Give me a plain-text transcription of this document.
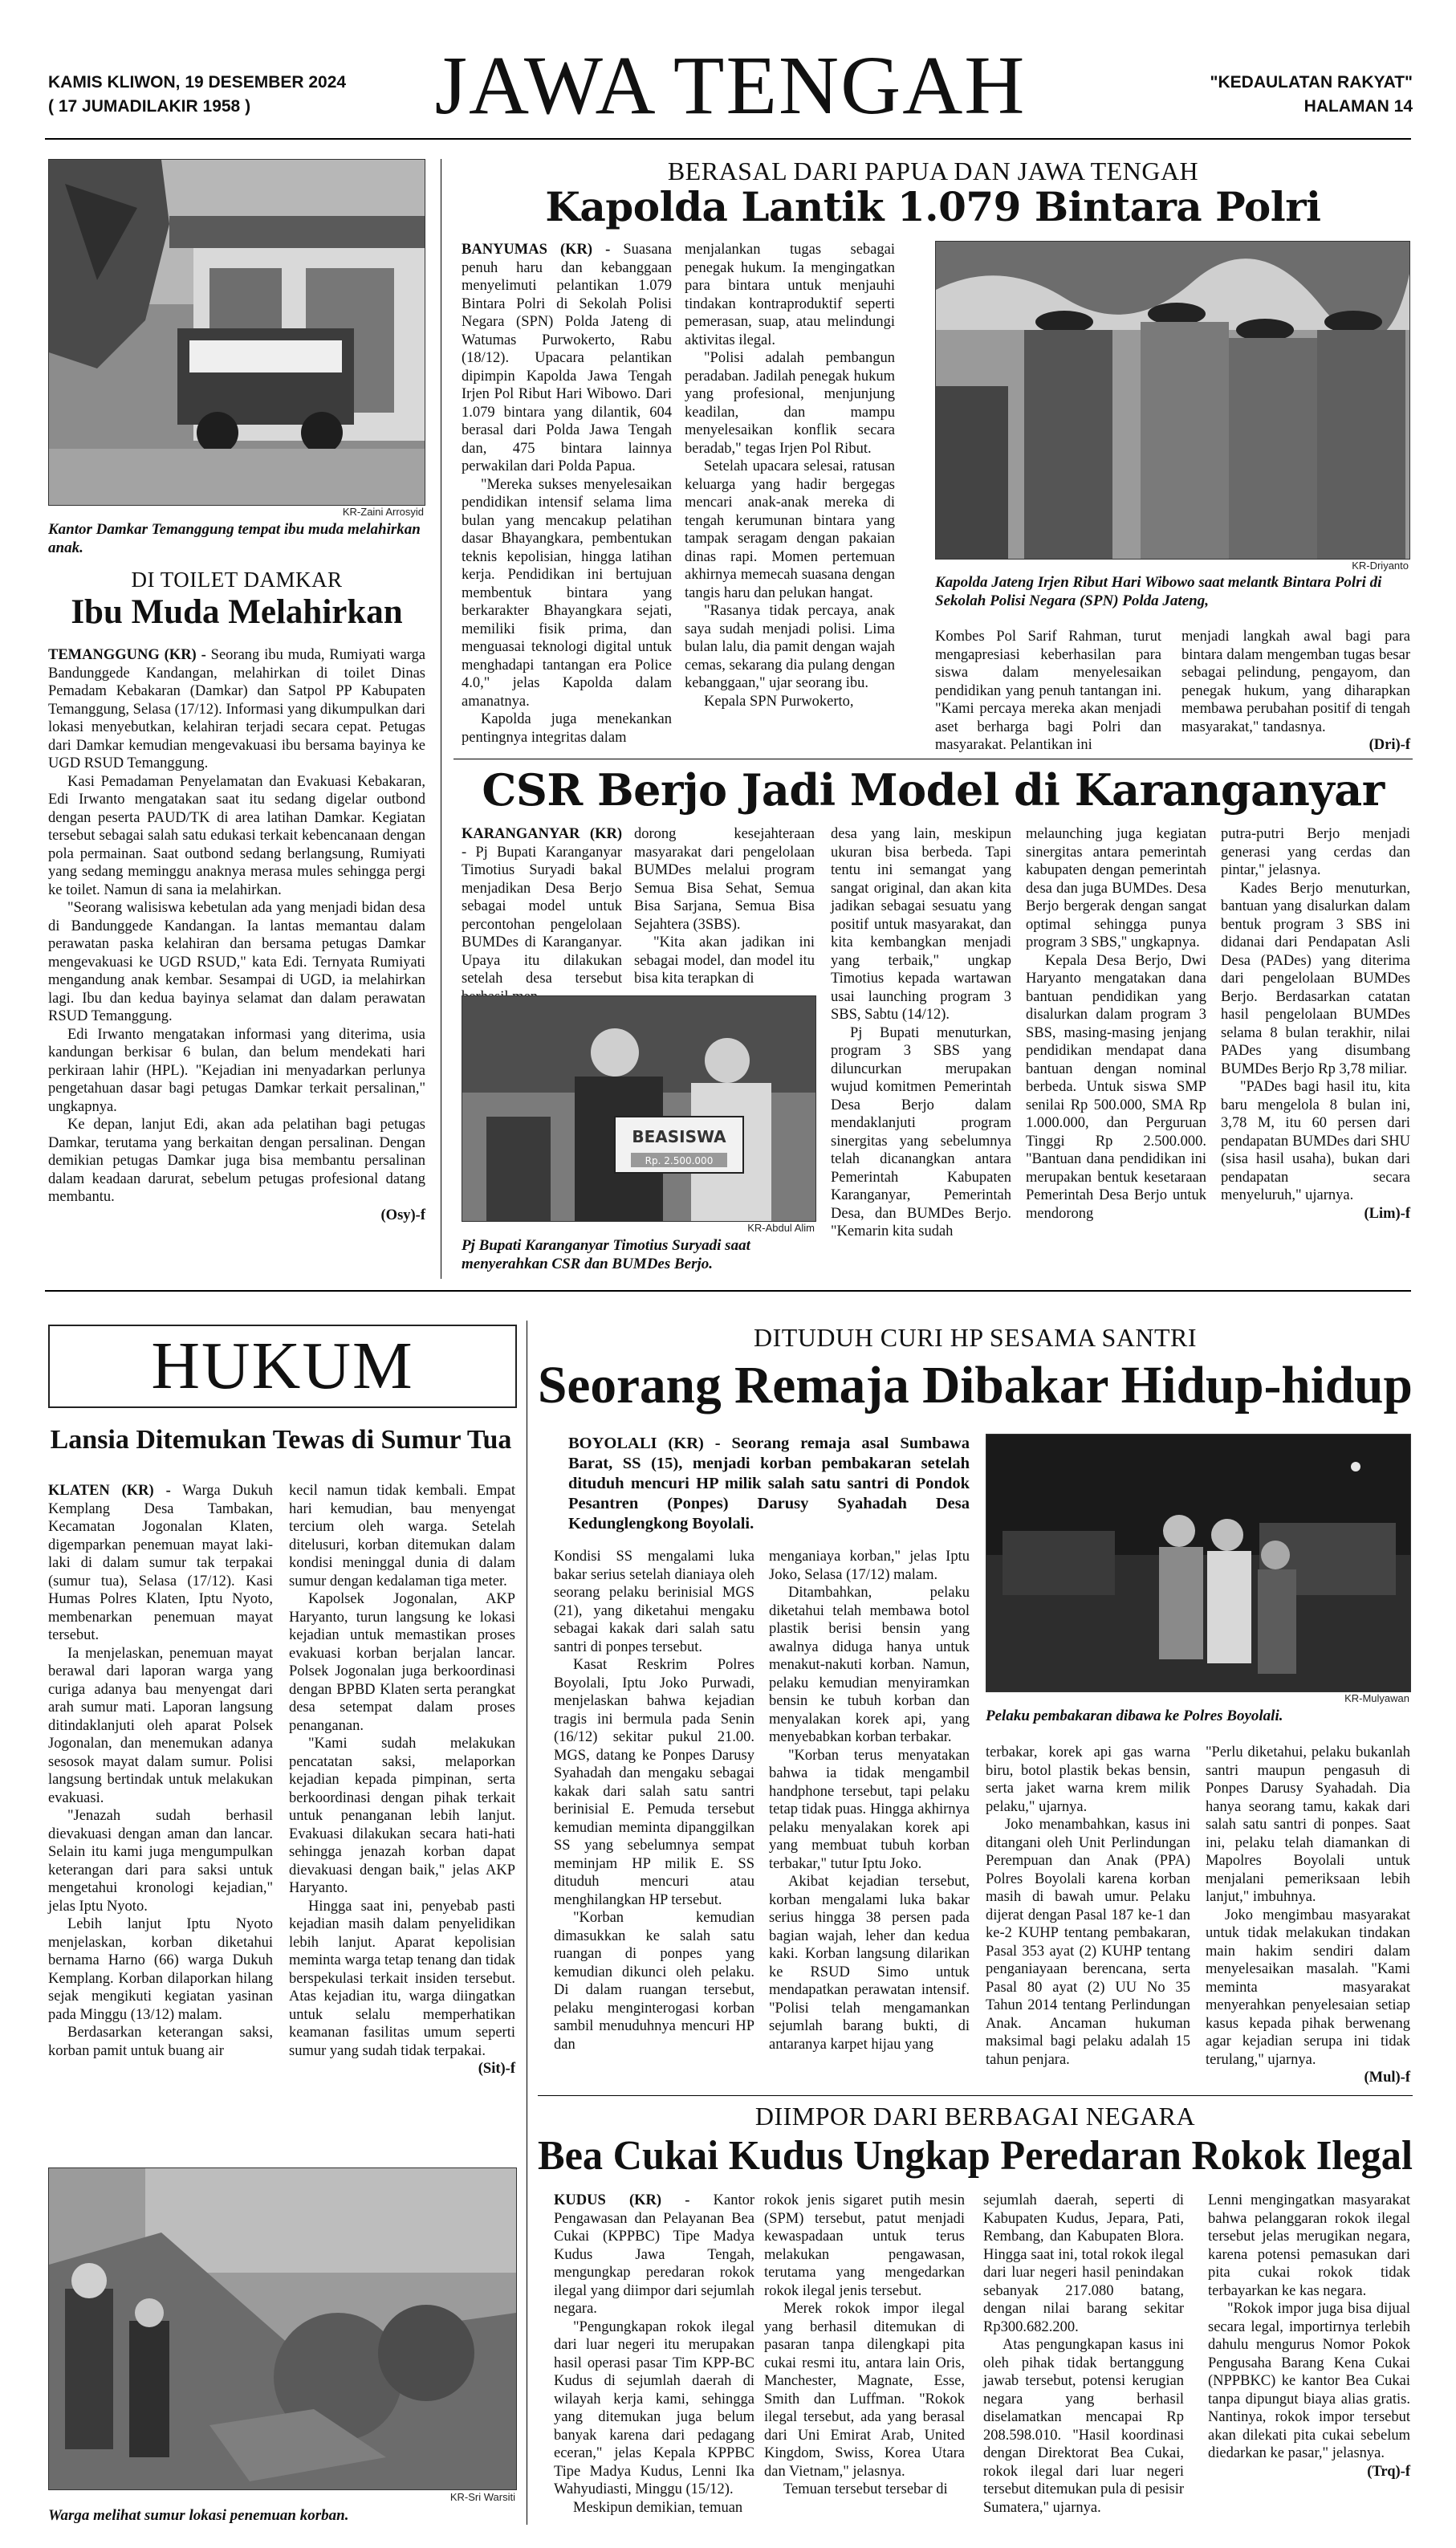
KAMIS KLIWON, 19 DESEMBER 2024
( 17 JUMADILAKIR 1958 )	JAWA TENGAH	"KEDAULATAN RAKYAT"
HALAMAN 14
KR-Zaini Arrosyid
Kantor Damkar Temanggung tempat ibu muda melahirkan anak.
DI TOILET DAMKAR
Ibu Muda Melahirkan

TEMANGGUNG (KR) - Seorang ibu muda, Rumiyati warga Bandunggede Kandangan, melahirkan di toilet Dinas Pemadam Kebakaran (Damkar) dan Satpol PP Kabupaten Temanggung, Selasa (17/12). Informasi yang dikumpulkan dari lokasi menyebutkan, kelahiran terjadi secara cepat. Petugas dari Damkar kemudian mengevakuasi ibu bersama bayinya ke UGD RSUD Temanggung.

Kasi Pemadaman Penyelamatan dan Evakuasi Kebakaran, Edi Irwanto mengatakan saat itu sedang digelar outbond dengan peserta PAUD/TK di area latihan Damkar. Kegiatan tersebut sebagai salah satu edukasi terkait kebencanaan dengan pola permainan. Saat outbond sedang berlangsung, Rumiyati yang sedang meminggu anaknya merasa mules sehingga pergi ke toilet. Namun di sana ia melahirkan.

"Seorang walisiswa kebetulan ada yang menjadi bidan desa di Bandunggede Kandangan. Ia lantas memantau dalam perawatan paska kelahiran dan bersama petugas Damkar mengevakuasi ke UGD RSUD," kata Edi. Ternyata Rumiyati mengandung anak kembar. Sesampai di UGD, ia melahirkan lagi. Ibu dan kedua bayinya selamat dan dalam perawatan RSUD Temanggung.

Edi Irwanto mengatakan informasi yang diterima, usia kandungan berkisar 6 bulan, dan belum mendekati hari perkiraan lahir (HPL). "Kejadian ini menyadarkan perlunya pengetahuan dasar bagi petugas Damkar terkait persalinan," ungkapnya.

Ke depan, lanjut Edi, akan ada pelatihan bagi petugas Damkar, terutama yang berkaitan dengan persalinan. Dengan demikian petugas Damkar juga bisa membantu persalinan dalam keadaan darurat, sebelum petugas profesional datang membantu.

(Osy)-f
BERASAL DARI PAPUA DAN JAWA TENGAH
Kapolda Lantik 1.079 Bintara Polri

BANYUMAS (KR) - Suasana penuh haru dan kebanggaan menyelimuti pelantikan 1.079 Bintara Polri di Sekolah Polisi Negara (SPN) Polda Jateng di Watumas Purwokerto, Rabu (18/12). Upacara pelantikan dipimpin Kapolda Jawa Tengah Irjen Pol Ribut Hari Wibowo. Dari 1.079 bintara yang dilantik, 604 berasal dari Polda Jawa Tengah dan, 475 bintara lainnya perwakilan dari Polda Papua.

"Mereka sukses menyelesaikan pendidikan intensif selama lima bulan yang mencakup pelatihan dasar Bhayangkara, pembentukan teknis kepolisian, hingga latihan kerja. Pendidikan ini bertujuan membentuk bintara yang berkarakter Bhayangkara sejati, memiliki fisik prima, dan menguasai teknologi digital untuk menghadapi tantangan era Police 4.0," jelas Kapolda dalam amanatnya.

Kapolda juga menekankan pentingnya integritas dalam

menjalankan tugas sebagai penegak hukum. Ia mengingatkan para bintara untuk menjauhi tindakan kontraproduktif seperti pemerasan, suap, atau melindungi aktivitas ilegal.

"Polisi adalah pembangun peradaban. Jadilah penegak hukum yang profesional, menjunjung keadilan, dan mampu menyelesaikan konflik secara beradab," tegas Irjen Pol Ribut.

Setelah upacara selesai, ratusan keluarga yang hadir bergegas mencari anak-anak mereka di tengah kerumunan bintara yang tampak seragam dengan pakaian dinas rapi. Momen pertemuan akhirnya memecah suasana dengan tangis haru dan pelukan hangat.

"Rasanya tidak percaya, anak saya sudah menjadi polisi. Lima bulan lalu, dia pamit dengan wajah cemas, sekarang dia pulang dengan kebanggaan," ujar seorang ibu.

Kepala SPN Purwokerto,

KR-Driyanto
Kapolda Jateng Irjen Ribut Hari Wibowo saat melantk Bintara Polri di Sekolah Polisi Negara (SPN) Polda Jateng,

Kombes Pol Sarif Rahman, turut mengapresiasi keberhasilan para siswa dalam menyelesaikan pendidikan yang penuh tantangan ini. "Kami percaya mereka akan menjadi aset berharga bagi Polri dan masyarakat. Pelantikan ini

menjadi langkah awal bagi para bintara dalam mengemban tugas besar sebagai pelindung, pengayom, dan penegak hukum, yang diharapkan membawa perubahan positif di tengah masyarakat," tandasnya.

(Dri)-f
CSR Berjo Jadi Model di Karanganyar

KARANGANYAR (KR) - Pj Bupati Karanganyar Timotius Suryadi bakal menjadikan Desa Berjo sebagai model untuk percontohan pengelolaan BUMDes di Karanganyar. Upaya itu dilakukan setelah desa tersebut

dorong kesejahteraan masyarakat dari pengelolaan BUMDes melalui program Semua Bisa Sehat, Semua Bisa Sarjana, Semua Bisa Sejahtera (3SBS).

"Kita akan jadikan ini sebagai model, dan model itu bisa kita terapkan di

BEASISWA
Rp. 2.500.000
KR-Abdul Alim
Pj Bupati Karanganyar Timotius Suryadi saat menyerahkan CSR dan BUMDes Berjo.

desa yang lain, meskipun ukuran bisa berbeda. Tapi tentu ini semangat yang sangat original, dan akan kita jadikan sebagai sesuatu yang positif untuk masyarakat, dan kita kembangkan menjadi yang terbaik," ungkap Timotius kepada wartawan usai launching program 3 SBS, Sabtu (14/12).

Pj Bupati menuturkan, program 3 SBS yang diluncurkan merupakan wujud komitmen Pemerintah Desa Berjo dalam mendaklanjuti program sinergitas yang sebelumnya telah dicanangkan antara Pemerintah Kabupaten Karanganyar, Pemerintah Desa, dan BUMDes Berjo. "Kemarin kita sudah

melaunching juga kegiatan sinergitas antara pemerintah kabupaten dengan pemerintah desa dan juga BUMDes. Desa Berjo bergerak dengan sangat optimal sehingga punya program 3 SBS," ungkapnya.

Kepala Desa Berjo, Dwi Haryanto mengatakan dana bantuan pendidikan yang disalurkan dalam program 3 SBS, masing-masing jenjang pendidikan mendapat dana bantuan dengan nominal berbeda. Untuk siswa SMP senilai Rp 500.000, SMA Rp 1.000.000, dan Perguruan Tinggi Rp 2.500.000. "Bantuan dana pendidikan ini merupakan bentuk kesetaraan Pemerintah Desa Berjo untuk mendorong

putra-putri Berjo menjadi generasi yang cerdas dan pintar," jelasnya.

Kades Berjo menuturkan, bantuan yang disalurkan dalam bentuk program 3 SBS ini didanai dari Pendapatan Asli Desa (PADes) yang diterima dari pengelolaan BUMDes Berjo. Berdasarkan catatan hasil pengelolaan BUMDes selama 8 bulan terakhir, nilai PADes yang disumbang BUMDes Berjo Rp 3,78 miliar.

"PADes bagi hasil itu, kita baru mengelola 8 bulan ini, 3,78 M, itu 60 persen dari pendapatan BUMDes dari SHU (sisa hasil usaha), bukan dari pendapatan secara menyeluruh," ujarnya.

(Lim)-f
HUKUM
Lansia Ditemukan Tewas di Sumur Tua

KLATEN (KR) - Warga Dukuh Kemplang Desa Tambakan, Kecamatan Jogonalan Klaten, digemparkan penemuan mayat laki-laki di dalam sumur tak terpakai (sumur tua), Selasa (17/12). Kasi Humas Polres Klaten, Iptu Nyoto, membenarkan penemuan mayat tersebut.

Ia menjelaskan, penemuan mayat berawal dari laporan warga yang curiga adanya bau menyengat dari arah sumur mati. Laporan langsung ditindaklanjuti oleh aparat Polsek Jogonalan, dan menemukan adanya sesosok mayat dalam sumur. Polisi langsung bertindak untuk melakukan evakuasi.

"Jenazah sudah berhasil dievakuasi dengan aman dan lancar. Selain itu kami juga mengumpulkan keterangan dari para saksi untuk mengetahui kronologi kejadian," jelas Iptu Nyoto.

Lebih lanjut Iptu Nyoto menjelaskan, korban diketahui bernama Harno (66) warga Dukuh Kemplang. Korban dilaporkan hilang sejak mengikuti kegiatan yasinan pada Minggu (13/12) malam.

Berdasarkan keterangan saksi, korban pamit untuk buang air

kecil namun tidak kembali. Empat hari kemudian, bau menyengat tercium oleh warga. Setelah ditelusuri, korban ditemukan dalam kondisi meninggal dunia di dalam sumur dengan kedalaman tiga meter.

Kapolsek Jogonalan, AKP Haryanto, turun langsung ke lokasi kejadian untuk memastikan proses evakuasi korban berjalan lancar. Polsek Jogonalan juga berkoordinasi dengan BPBD Klaten serta perangkat desa setempat dalam proses penanganan.

"Kami sudah melakukan pencatatan saksi, melaporkan kejadian kepada pimpinan, serta berkoordinasi dengan pihak terkait untuk penanganan lebih lanjut. Evakuasi dilakukan secara hati-hati sehingga jenazah korban dapat dievakuasi dengan baik," jelas AKP Haryanto.

Hingga saat ini, penyebab pasti kejadian masih dalam penyelidikan lebih lanjut. Aparat kepolisian meminta warga tetap tenang dan tidak berspekulasi terkait insiden tersebut. Atas kejadian itu, warga diingatkan untuk selalu memperhatikan keamanan fasilitas umum seperti sumur yang sudah tidak terpakai.

(Sit)-f
KR-Sri Warsiti
Warga melihat sumur lokasi penemuan korban.
DITUDUH CURI HP SESAMA SANTRI
Seorang Remaja Dibakar Hidup-hidup

BOYOLALI (KR) - Seorang remaja asal Sumbawa Barat, SS (15), menjadi korban pembakaran setelah dituduh mencuri HP milik salah satu santri di Pondok Pesantren (Ponpes) Darusy Syahadah Desa Kedunglengkong Boyolali.

KR-Mulyawan
Pelaku pembakaran dibawa ke Polres Boyolali.

Kondisi SS mengalami luka bakar serius setelah dianiaya oleh seorang pelaku berinisial MGS (21), yang diketahui mengaku sebagai kakak dari salah satu santri di ponpes tersebut.

Kasat Reskrim Polres Boyolali, Iptu Joko Purwadi, menjelaskan bahwa kejadian tragis ini bermula pada Senin (16/12) sekitar pukul 21.00. MGS, datang ke Ponpes Darusy Syahadah dan mengaku sebagai kakak dari salah satu santri berinisial E. Pemuda tersebut kemudian meminta dipanggilkan SS yang sebelumnya sempat meminjam HP milik E. SS dituduh mencuri atau menghilangkan HP tersebut.

"Korban kemudian dimasukkan ke salah satu ruangan di ponpes yang kemudian dikunci oleh pelaku. Di dalam ruangan tersebut, pelaku menginterogasi korban sambil menuduhnya mencuri HP dan

menganiaya korban," jelas Iptu Joko, Selasa (17/12) malam.

Ditambahkan, pelaku diketahui telah membawa botol plastik berisi bensin yang awalnya diduga hanya untuk menakut-nakuti korban. Namun, pelaku kemudian menyiramkan bensin ke tubuh korban dan menyalakan korek api, yang menyebabkan korban terbakar.

"Korban terus menyatakan bahwa ia tidak mengambil handphone tersebut, tapi pelaku tetap tidak puas. Hingga akhirnya pelaku menyalakan korek api yang membuat tubuh korban terbakar," tutur Iptu Joko.

Akibat kejadian tersebut, korban mengalami luka bakar serius hingga 38 persen pada bagian wajah, leher dan kedua kaki. Korban langsung dilarikan ke RSUD Simo untuk mendapatkan perawatan intensif. "Polisi telah mengamankan sejumlah barang bukti, di antaranya karpet hijau yang

terbakar, korek api gas warna biru, botol plastik bekas bensin, serta jaket warna krem milik pelaku," ujarnya.

Joko menambahkan, kasus ini ditangani oleh Unit Perlindungan Perempuan dan Anak (PPA) Polres Boyolali karena korban masih di bawah umur. Pelaku dijerat dengan Pasal 187 ke-1 dan ke-2 KUHP tentang pembakaran, Pasal 353 ayat (2) KUHP tentang penganiayaan berencana, serta Pasal 80 ayat (2) UU No 35 Tahun 2014 tentang Perlindungan Anak. Ancaman hukuman maksimal bagi pelaku adalah 15 tahun penjara.

"Perlu diketahui, pelaku bukanlah santri maupun pengasuh di Ponpes Darusy Syahadah. Dia hanya seorang tamu, kakak dari salah satu santri di ponpes. Saat ini, pelaku telah diamankan di Mapolres Boyolali untuk menjalani pemeriksaan lebih lanjut," imbuhnya.

Joko mengimbau masyarakat untuk tidak melakukan tindakan main hakim sendiri dalam menyelesaikan masalah. "Kami meminta masyarakat menyerahkan penyelesaian setiap kasus kepada pihak berwenang agar kejadian serupa ini tidak terulang," ujarnya.

(Mul)-f
DIIMPOR DARI BERBAGAI NEGARA
Bea Cukai Kudus Ungkap Peredaran Rokok Ilegal

KUDUS (KR) - Kantor Pengawasan dan Pelayanan Bea Cukai (KPPBC) Tipe Madya Kudus Jawa Tengah, mengungkap peredaran rokok ilegal yang diimpor dari sejumlah negara.

"Pengungkapan rokok ilegal dari luar negeri itu merupakan hasil operasi pasar Tim KPP-BC Kudus di sejumlah daerah di wilayah kerja kami, sehingga yang ditemukan juga belum banyak karena dari pedagang eceran," jelas Kepala KPPBC Tipe Madya Kudus, Lenni Ika Wahyudiasti, Minggu (15/12).

Meskipun demikian, temuan

rokok jenis sigaret putih mesin (SPM) tersebut, patut menjadi kewaspadaan untuk terus melakukan pengawasan, terutama yang mengedarkan rokok ilegal jenis tersebut.

Merek rokok impor ilegal yang berhasil ditemukan di pasaran tanpa dilengkapi pita cukai resmi itu, antara lain Oris, Manchester, Magnate, Esse, Smith dan Luffman. "Rokok ilegal tersebut, ada yang berasal dari Uni Emirat Arab, United Kingdom, Swiss, Korea Utara dan Vietnam," jelasnya.

Temuan tersebut tersebar di

sejumlah daerah, seperti di Kabupaten Kudus, Jepara, Pati, Rembang, dan Kabupaten Blora. Hingga saat ini, total rokok ilegal dari luar negeri hasil penindakan sebanyak 217.080 batang, dengan nilai barang sekitar Rp300.682.200.

Atas pengungkapan kasus ini oleh pihak tidak bertanggung jawab tersebut, potensi kerugian negara yang berhasil diselamatkan mencapai Rp 208.598.010. "Hasil koordinasi dengan Direktorat Bea Cukai, rokok ilegal dari luar negeri tersebut ditemukan pula di pesisir Sumatera," ujarnya.

Lenni mengingatkan masyarakat bahwa pelanggaran rokok ilegal tersebut jelas merugikan negara, karena potensi pemasukan dari pita cukai rokok tidak terbayarkan ke kas negara.

"Rokok impor juga bisa dijual secara legal, importirnya terlebih dahulu mengurus Nomor Pokok Pengusaha Barang Kena Cukai (NPPBKC) ke kantor Bea Cukai tanpa dipungut biaya alias gratis. Nantinya, rokok impor tersebut akan dilekati pita cukai sebelum diedarkan ke pasar," jelasnya.

(Trq)-f
